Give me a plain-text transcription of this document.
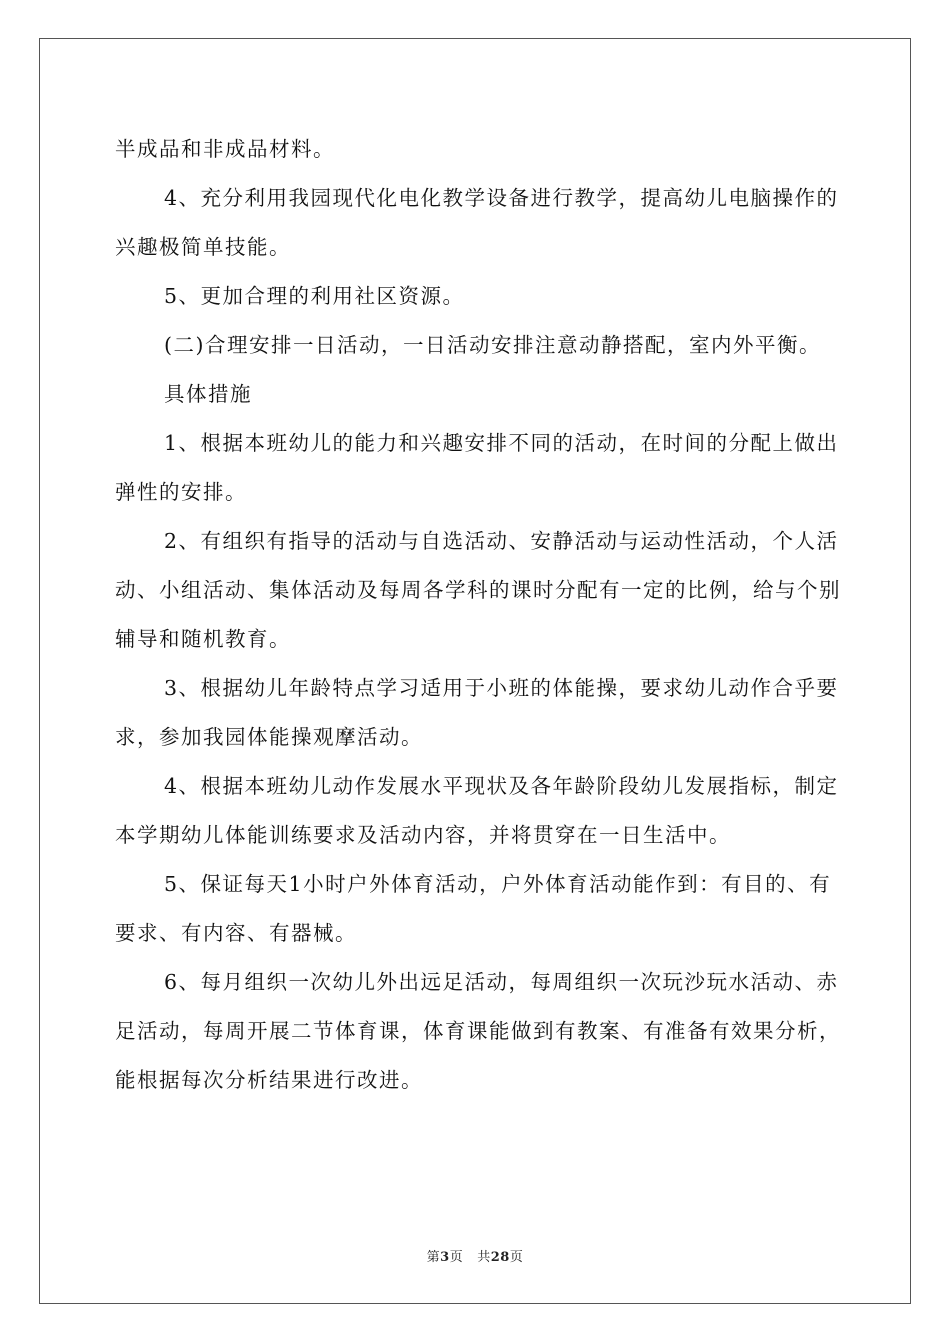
半成品和非成品材料。

4、充分利用我园现代化电化教学设备进行教学，提高幼儿电脑操作的兴趣极简单技能。

5、更加合理的利用社区资源。

(二)合理安排一日活动，一日活动安排注意动静搭配，室内外平衡。

具体措施

1、根据本班幼儿的能力和兴趣安排不同的活动，在时间的分配上做出弹性的安排。

2、有组织有指导的活动与自选活动、安静活动与运动性活动，个人活动、小组活动、集体活动及每周各学科的课时分配有一定的比例，给与个别辅导和随机教育。

3、根据幼儿年龄特点学习适用于小班的体能操，要求幼儿动作合乎要求，参加我园体能操观摩活动。

4、根据本班幼儿动作发展水平现状及各年龄阶段幼儿发展指标，制定本学期幼儿体能训练要求及活动内容，并将贯穿在一日生活中。

5、保证每天1小时户外体育活动，户外体育活动能作到：有目的、有要求、有内容、有器械。

6、每月组织一次幼儿外出远足活动，每周组织一次玩沙玩水活动、赤足活动，每周开展二节体育课，体育课能做到有教案、有准备有效果分析，能根据每次分析结果进行改进。

第3页 共28页
